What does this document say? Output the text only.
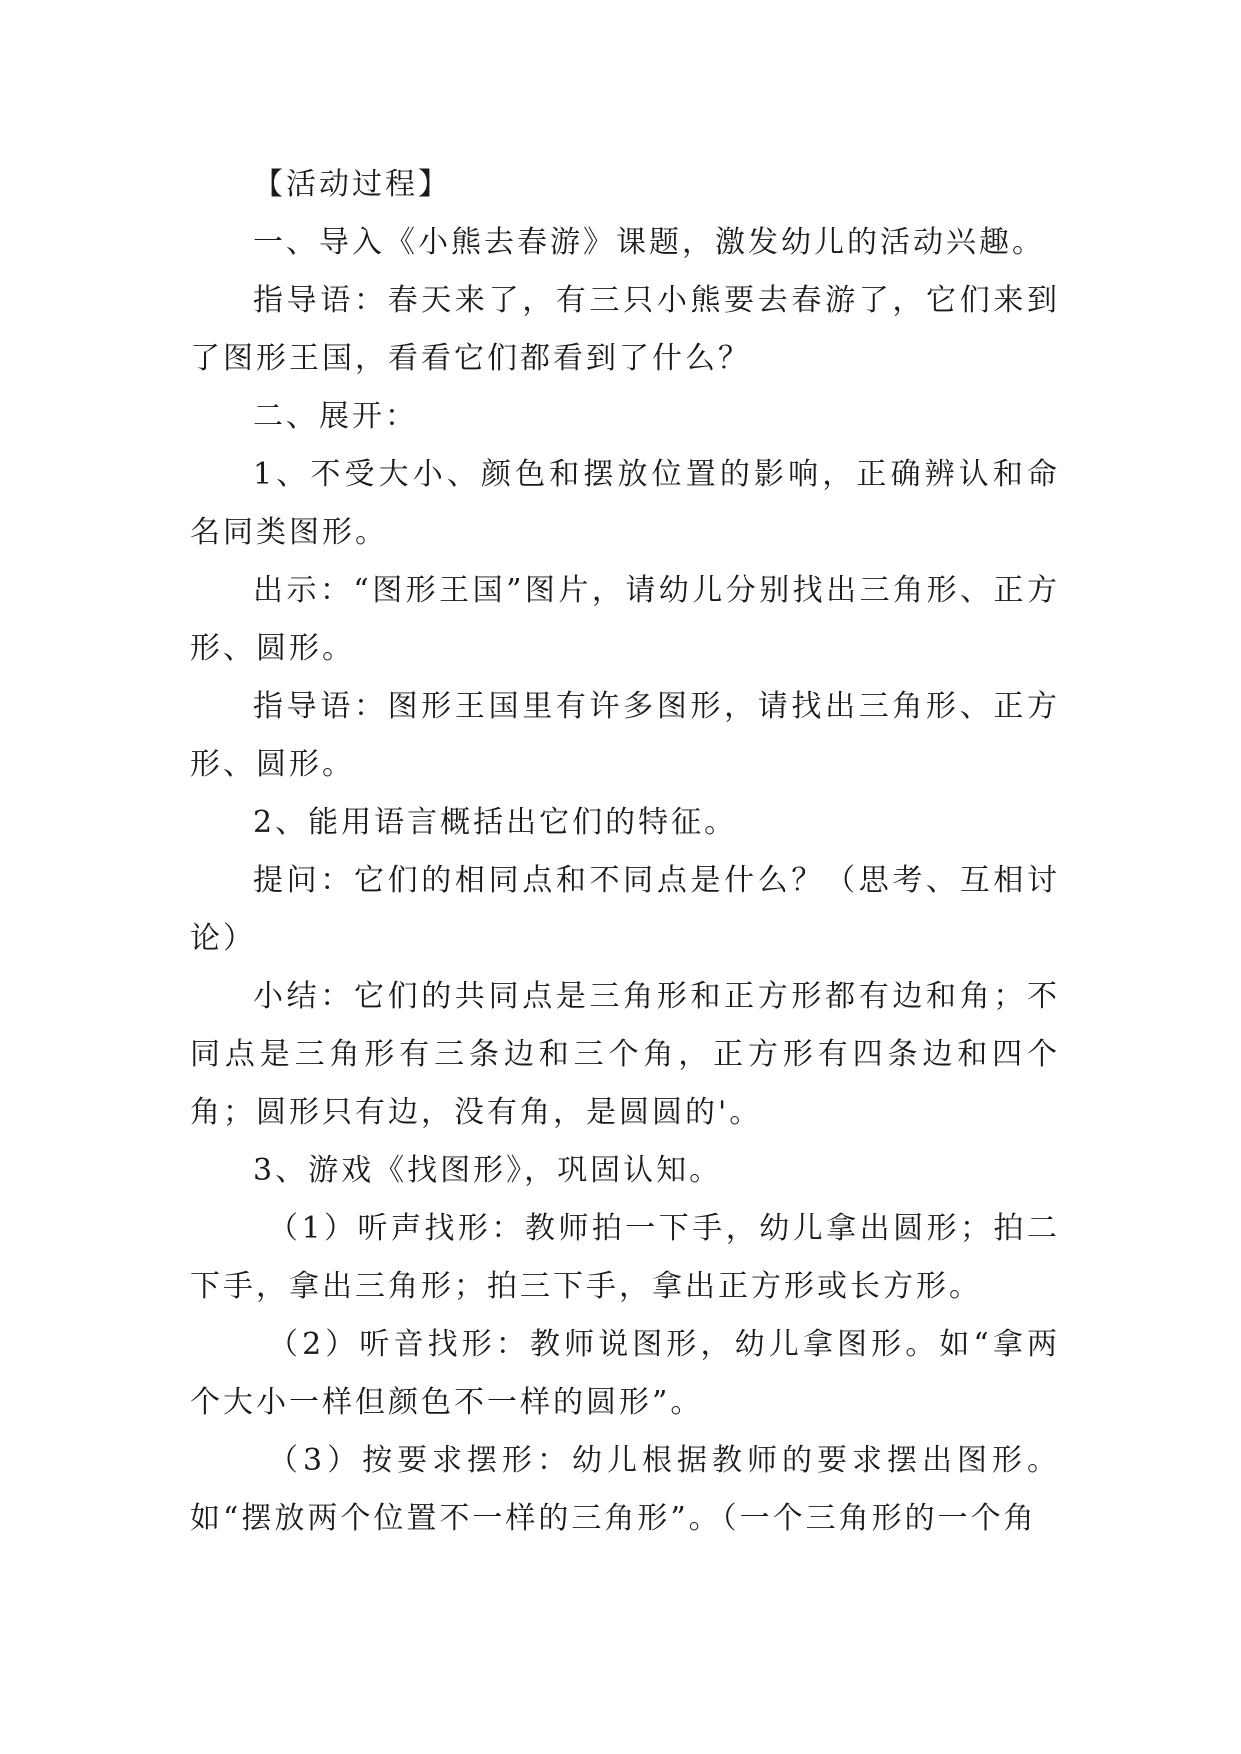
【活动过程】

一、导入《小熊去春游》课题，激发幼儿的活动兴趣。

指导语：春天来了，有三只小熊要去春游了，它们来到了图形王国，看看它们都看到了什么？

二、展开：

1、不受大小、颜色和摆放位置的影响，正确辨认和命名同类图形。

出示：“图形王国”图片，请幼儿分别找出三角形、正方形、圆形。

指导语：图形王国里有许多图形，请找出三角形、正方形、圆形。

2、能用语言概括出它们的特征。

提问：它们的相同点和不同点是什么？（思考、互相讨论）

小结：它们的共同点是三角形和正方形都有边和角；不同点是三角形有三条边和三个角，正方形有四条边和四个角；圆形只有边，没有角，是圆圆的'。

3、游戏《找图形》，巩固认知。

（1）听声找形：教师拍一下手，幼儿拿出圆形；拍二下手，拿出三角形；拍三下手，拿出正方形或长方形。

（2）听音找形：教师说图形，幼儿拿图形。如“拿两个大小一样但颜色不一样的圆形”。

（3）按要求摆形：幼儿根据教师的要求摆出图形。如“摆放两个位置不一样的三角形”。（一个三角形的一个角
